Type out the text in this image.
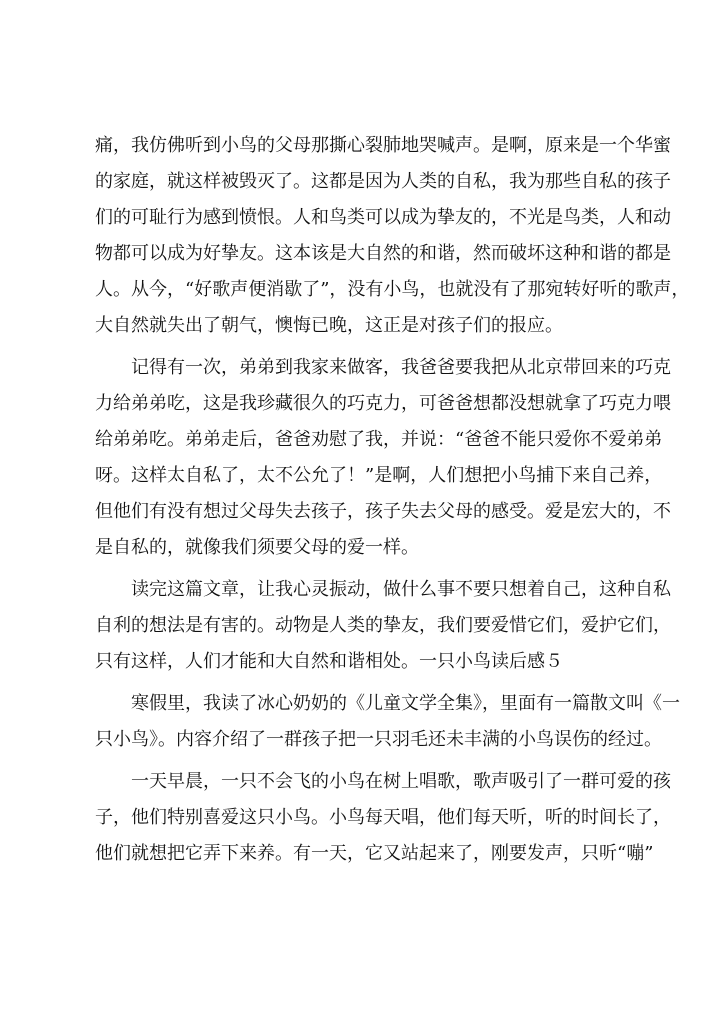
痛，我仿佛听到小鸟的父母那撕心裂肺地哭喊声。是啊，原来是一个华蜜
的家庭，就这样被毁灭了。这都是因为人类的自私，我为那些自私的孩子
们的可耻行为感到愤恨。人和鸟类可以成为挚友的，不光是鸟类，人和动
物都可以成为好挚友。这本该是大自然的和谐，然而破坏这种和谐的都是
人。从今，“好歌声便消歇了”，没有小鸟，也就没有了那宛转好听的歌声，
大自然就失出了朝气，懊悔已晚，这正是对孩子们的报应。
记得有一次，弟弟到我家来做客，我爸爸要我把从北京带回来的巧克
力给弟弟吃，这是我珍藏很久的巧克力，可爸爸想都没想就拿了巧克力喂
给弟弟吃。弟弟走后，爸爸劝慰了我，并说：“爸爸不能只爱你不爱弟弟
呀。这样太自私了，太不公允了！”是啊，人们想把小鸟捕下来自己养，
但他们有没有想过父母失去孩子，孩子失去父母的感受。爱是宏大的，不
是自私的，就像我们须要父母的爱一样。
读完这篇文章，让我心灵振动，做什么事不要只想着自己，这种自私
自利的想法是有害的。动物是人类的挚友，我们要爱惜它们，爱护它们，
只有这样，人们才能和大自然和谐相处。一只小鸟读后感５
寒假里，我读了冰心奶奶的《儿童文学全集》，里面有一篇散文叫《一
只小鸟》。内容介绍了一群孩子把一只羽毛还未丰满的小鸟误伤的经过。
一天早晨，一只不会飞的小鸟在树上唱歌，歌声吸引了一群可爱的孩
子，他们特别喜爱这只小鸟。小鸟每天唱，他们每天听，听的时间长了，
他们就想把它弄下来养。有一天，它又站起来了，刚要发声，只听“嘣”
